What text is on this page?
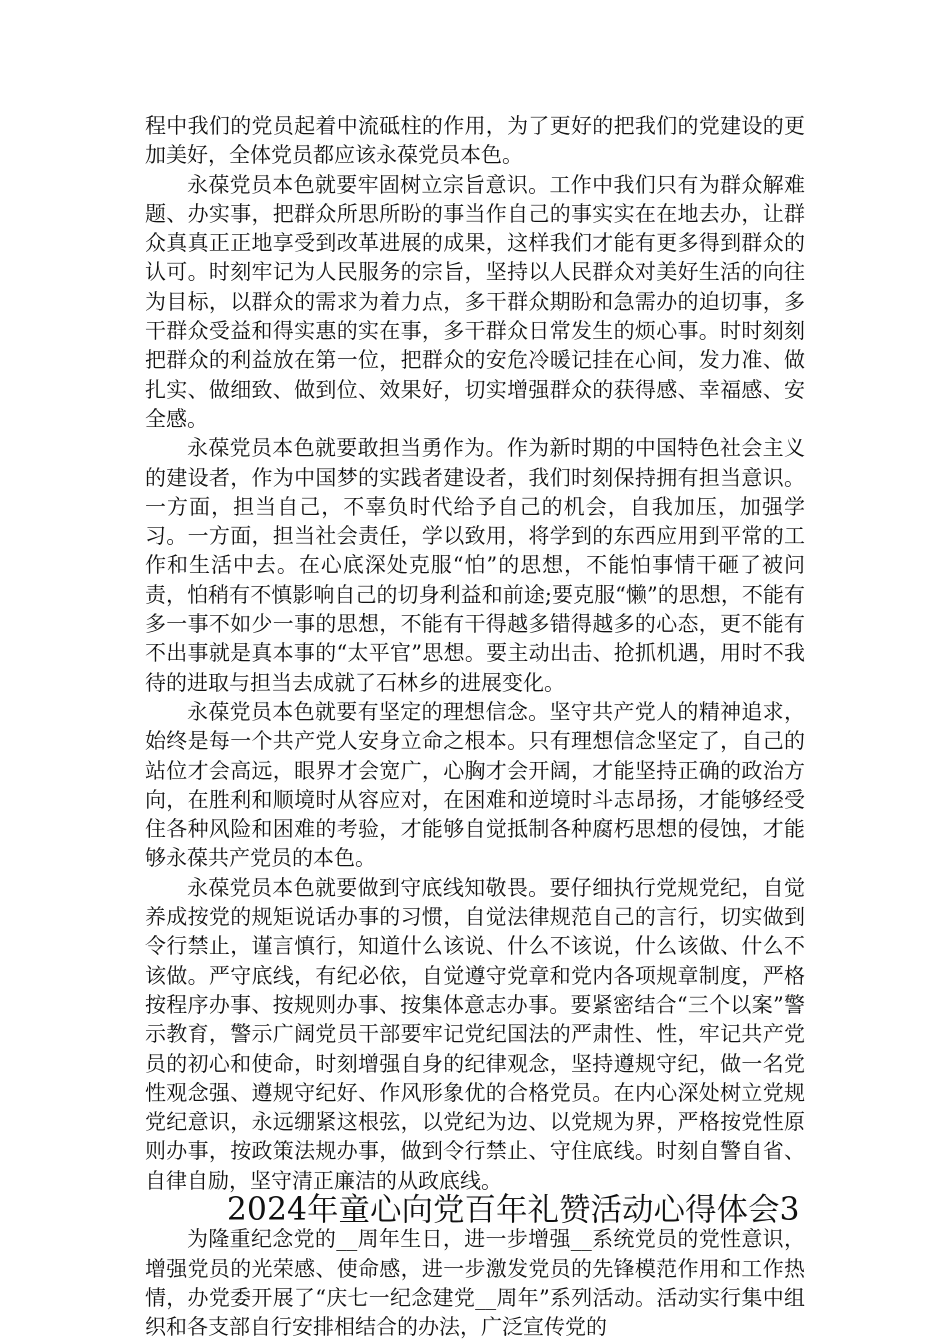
程中我们的党员起着中流砥柱的作用，为了更好的把我们的党建设的更加美好，全体党员都应该永葆党员本色。

永葆党员本色就要牢固树立宗旨意识。工作中我们只有为群众解难题、办实事，把群众所思所盼的事当作自己的事实实在在地去办，让群众真真正正地享受到改革进展的成果，这样我们才能有更多得到群众的认可。时刻牢记为人民服务的宗旨，坚持以人民群众对美好生活的向往为目标，以群众的需求为着力点，多干群众期盼和急需办的迫切事，多干群众受益和得实惠的实在事，多干群众日常发生的烦心事。时时刻刻把群众的利益放在第一位，把群众的安危冷暖记挂在心间，发力准、做扎实、做细致、做到位、效果好，切实增强群众的获得感、幸福感、安全感。

永葆党员本色就要敢担当勇作为。作为新时期的中国特色社会主义的建设者，作为中国梦的实践者建设者，我们时刻保持拥有担当意识。一方面，担当自己，不辜负时代给予自己的机会，自我加压，加强学习。一方面，担当社会责任，学以致用，将学到的东西应用到平常的工作和生活中去。在心底深处克服“怕”的思想，不能怕事情干砸了被问责，怕稍有不慎影响自己的切身利益和前途;要克服“懒”的思想，不能有多一事不如少一事的思想，不能有干得越多错得越多的心态，更不能有不出事就是真本事的“太平官”思想。要主动出击、抢抓机遇，用时不我待的进取与担当去成就了石林乡的进展变化。

永葆党员本色就要有坚定的理想信念。坚守共产党人的精神追求，始终是每一个共产党人安身立命之根本。只有理想信念坚定了，自己的站位才会高远，眼界才会宽广，心胸才会开阔，才能坚持正确的政治方向，在胜利和顺境时从容应对，在困难和逆境时斗志昂扬，才能够经受住各种风险和困难的考验，才能够自觉抵制各种腐朽思想的侵蚀，才能够永葆共产党员的本色。

永葆党员本色就要做到守底线知敬畏。要仔细执行党规党纪，自觉养成按党的规矩说话办事的习惯，自觉法律规范自己的言行，切实做到令行禁止，谨言慎行，知道什么该说、什么不该说，什么该做、什么不该做。严守底线，有纪必依，自觉遵守党章和党内各项规章制度，严格按程序办事、按规则办事、按集体意志办事。要紧密结合“三个以案”警示教育，警示广阔党员干部要牢记党纪国法的严肃性、性，牢记共产党员的初心和使命，时刻增强自身的纪律观念，坚持遵规守纪，做一名党性观念强、遵规守纪好、作风形象优的合格党员。在内心深处树立党规党纪意识，永远绷紧这根弦，以党纪为边、以党规为界，严格按党性原则办事，按政策法规办事，做到令行禁止、守住底线。时刻自警自省、自律自励，坚守清正廉洁的从政底线。

2024年童心向党百年礼赞活动心得体会3

为隆重纪念党的__周年生日，进一步增强__系统党员的党性意识，增强党员的光荣感、使命感，进一步激发党员的先锋模范作用和工作热情，办党委开展了“庆七一纪念建党__周年”系列活动。活动实行集中组织和各支部自行安排相结合的办法，广泛宣传党的
